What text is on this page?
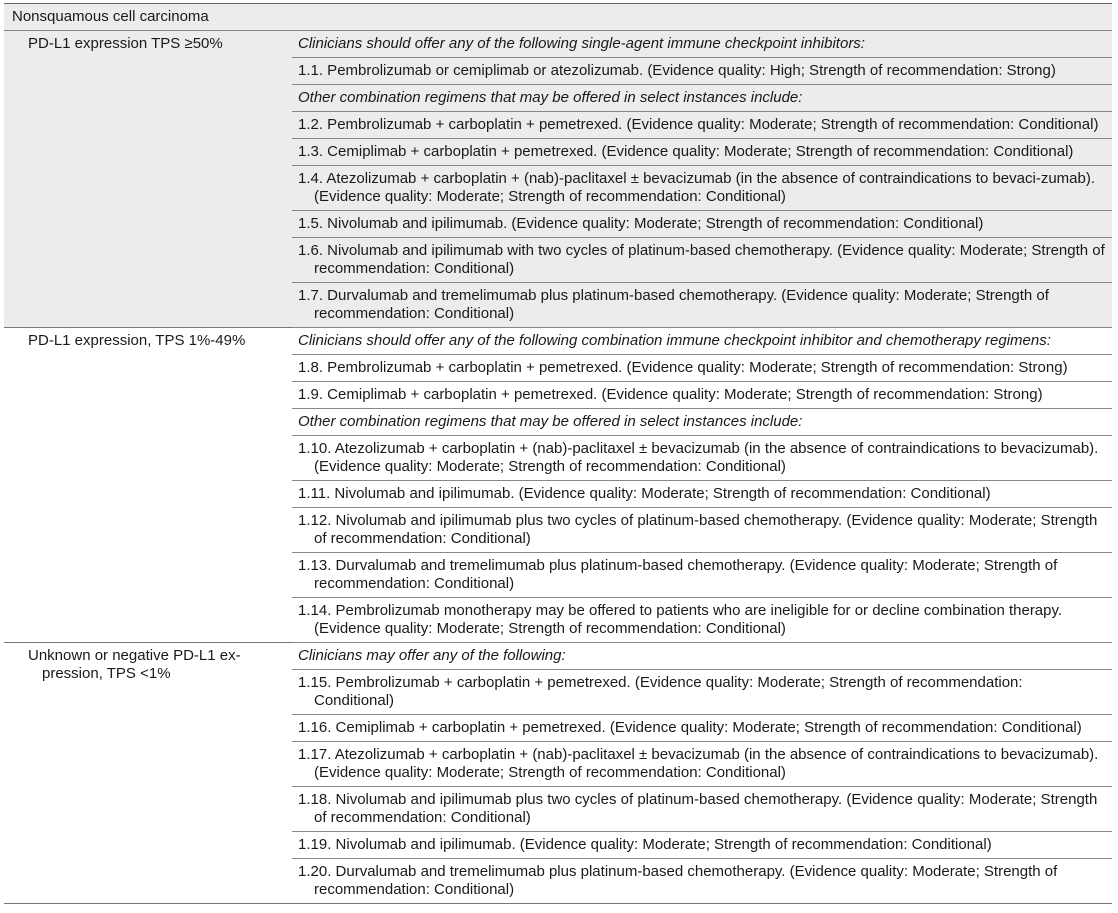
Nonsquamous cell carcinoma	

PD-L1 expression TPS ≥50%	Clinicians should offer any of the following single-agent immune checkpoint inhibitors:

	1.1. Pembrolizumab or cemiplimab or atezolizumab. (Evidence quality: High; Strength of recommendation: Strong)

	Other combination regimens that may be offered in select instances include:

	1.2. Pembrolizumab + carboplatin + pemetrexed. (Evidence quality: Moderate; Strength of recommendation: Conditional)

	1.3. Cemiplimab + carboplatin + pemetrexed. (Evidence quality: Moderate; Strength of recommendation: Conditional)

	1.4. Atezolizumab + carboplatin + (nab)-paclitaxel ± bevacizumab (in the absence of contraindications to bevaci-zumab). (Evidence quality: Moderate; Strength of recommendation: Conditional)

	1.5. Nivolumab and ipilimumab. (Evidence quality: Moderate; Strength of recommendation: Conditional)

	1.6. Nivolumab and ipilimumab with two cycles of platinum-based chemotherapy. (Evidence quality: Moderate; Strength of recommendation: Conditional)

	1.7. Durvalumab and tremelimumab plus platinum-based chemotherapy. (Evidence quality: Moderate; Strength of recommendation: Conditional)

PD-L1 expression, TPS 1%-49%	Clinicians should offer any of the following combination immune checkpoint inhibitor and chemotherapy regimens:

	1.8. Pembrolizumab + carboplatin + pemetrexed. (Evidence quality: Moderate; Strength of recommendation: Strong)

	1.9. Cemiplimab + carboplatin + pemetrexed. (Evidence quality: Moderate; Strength of recommendation: Strong)

	Other combination regimens that may be offered in select instances include:

	1.10. Atezolizumab + carboplatin + (nab)-paclitaxel ± bevacizumab (in the absence of contraindications to bevacizumab). (Evidence quality: Moderate; Strength of recommendation: Conditional)

	1.11. Nivolumab and ipilimumab. (Evidence quality: Moderate; Strength of recommendation: Conditional)

	1.12. Nivolumab and ipilimumab plus two cycles of platinum-based chemotherapy. (Evidence quality: Moderate; Strength of recommendation: Conditional)

	1.13. Durvalumab and tremelimumab plus platinum-based chemotherapy. (Evidence quality: Moderate; Strength of recommendation: Conditional)

	1.14. Pembrolizumab monotherapy may be offered to patients who are ineligible for or decline combination therapy. (Evidence quality: Moderate; Strength of recommendation: Conditional)

Unknown or negative PD-L1 ex-pression, TPS <1%	Clinicians may offer any of the following:

	1.15. Pembrolizumab + carboplatin + pemetrexed. (Evidence quality: Moderate; Strength of recommendation: Conditional)

	1.16. Cemiplimab + carboplatin + pemetrexed. (Evidence quality: Moderate; Strength of recommendation: Conditional)

	1.17. Atezolizumab + carboplatin + (nab)-paclitaxel ± bevacizumab (in the absence of contraindications to bevacizumab). (Evidence quality: Moderate; Strength of recommendation: Conditional)

	1.18. Nivolumab and ipilimumab plus two cycles of platinum-based chemotherapy. (Evidence quality: Moderate; Strength of recommendation: Conditional)

	1.19. Nivolumab and ipilimumab. (Evidence quality: Moderate; Strength of recommendation: Conditional)

	1.20. Durvalumab and tremelimumab plus platinum-based chemotherapy. (Evidence quality: Moderate; Strength of recommendation: Conditional)
